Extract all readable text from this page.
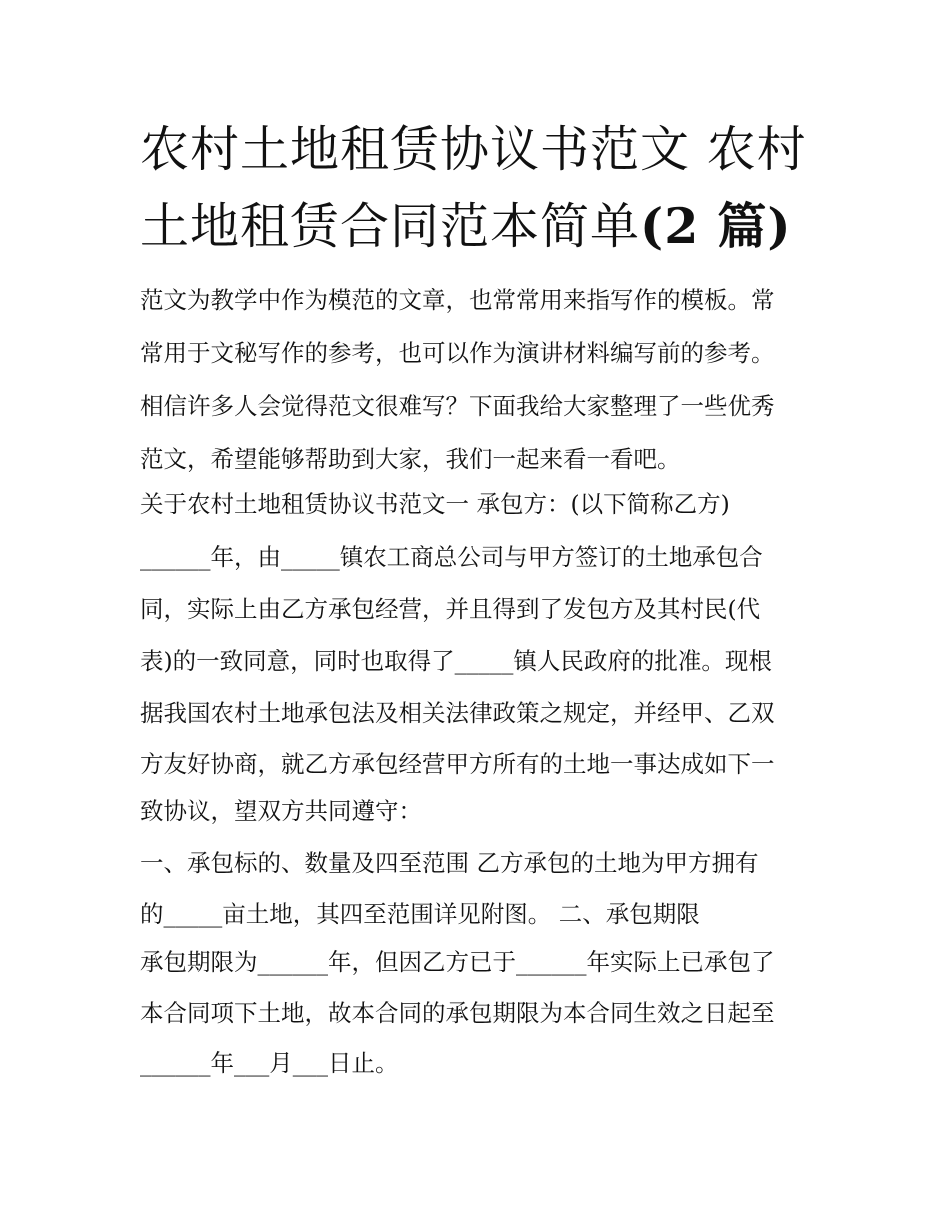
农村土地租赁协议书范文 农村
土地租赁合同范本简单(2 篇)
范文为教学中作为模范的文章，也常常用来指写作的模板。常
常用于文秘写作的参考，也可以作为演讲材料编写前的参考。
相信许多人会觉得范文很难写？下面我给大家整理了一些优秀
范文，希望能够帮助到大家，我们一起来看一看吧。
关于农村土地租赁协议书范文一 承包方：(以下简称乙方)
______年，由_____镇农工商总公司与甲方签订的土地承包合
同，实际上由乙方承包经营，并且得到了发包方及其村民(代
表)的一致同意，同时也取得了_____镇人民政府的批准。现根
据我国农村土地承包法及相关法律政策之规定，并经甲、乙双
方友好协商，就乙方承包经营甲方所有的土地一事达成如下一
致协议，望双方共同遵守：
一、承包标的、数量及四至范围 乙方承包的土地为甲方拥有
的_____亩土地，其四至范围详见附图。 二、承包期限
承包期限为______年，但因乙方已于______年实际上已承包了
本合同项下土地，故本合同的承包期限为本合同生效之日起至
______年___月___日止。
